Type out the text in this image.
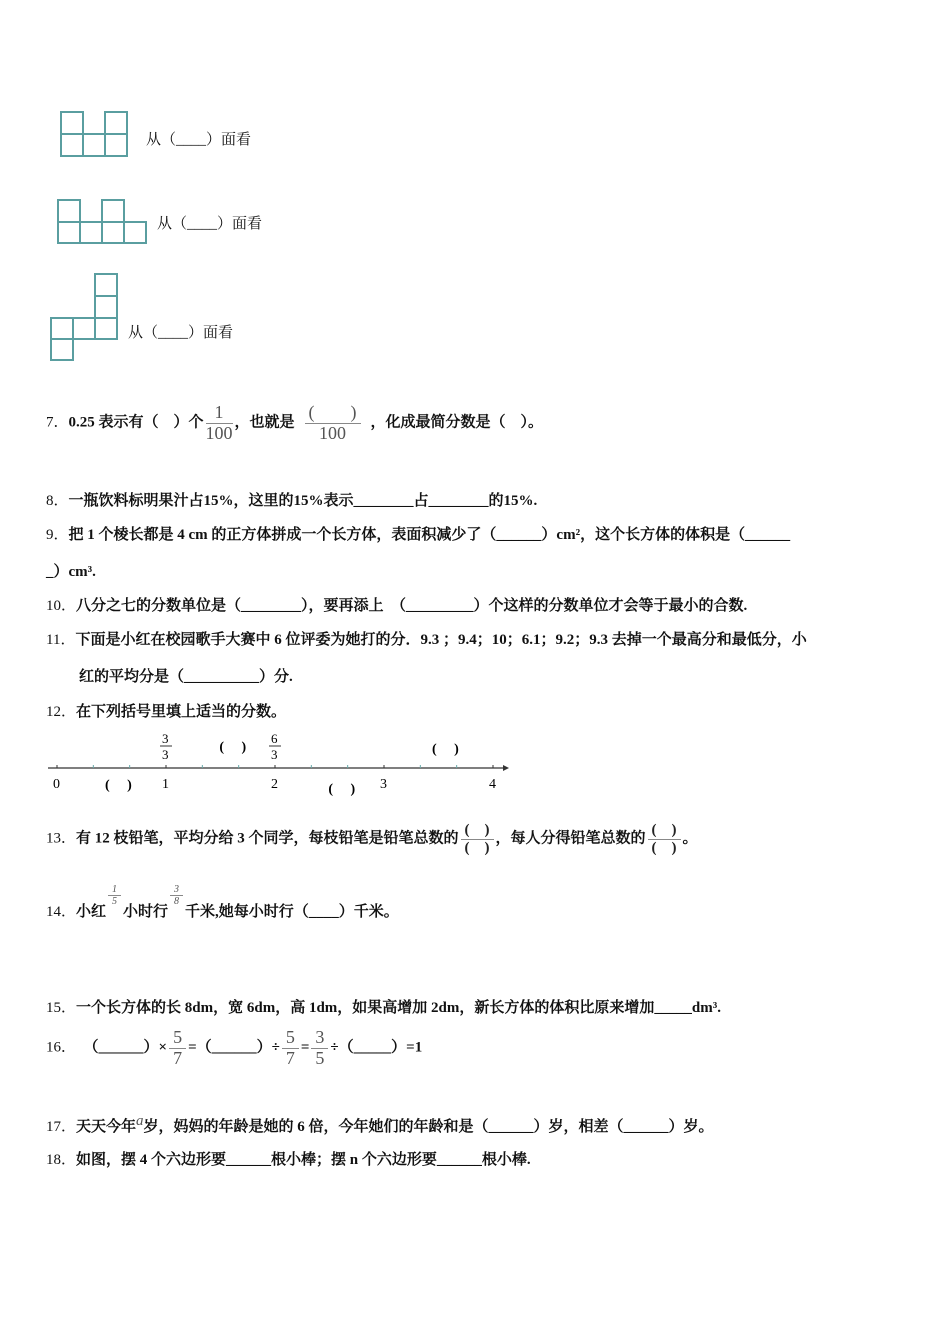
从（____）面看
从（____）面看
从（____）面看
7．0.25 表示有（　）个 $\frac{1}{100}$ ，也就是 $\frac{( )}{100}$ ，化成最简分数是（　）。
8．一瓶饮料标明果汁占15%，这里的15%表示________占________的15%.
9．把 1 个棱长都是 4 cm 的正方体拼成一个长方体，表面积减少了（______）cm²，这个长方体的体积是（______
_）cm³.
10．八分之七的分数单位是（________），要再添上　（_________）个这样的分数单位才会等于最小的合数.
11．下面是小红在校园歌手大赛中 6 位评委为她打的分．9.3 ；9.4；10；6.1；9.2；9.3 去掉一个最高分和最低分，小
红的平均分是（__________）分.
12．在下列括号里填上适当的分数。
0	1	2	3	4
3
3
6
3
(　 )
(　 )
(　 )
(　 )
13．有 12 枝铅笔，平均分给 3 个同学，每枝铅笔是铅笔总数的 $\frac{( )}{( )}$ ，每人分得铅笔总数的 $\frac{( )}{( )}$ 。
14．小红
$\frac{1}{5}$
小时行
$\frac{3}{8}$
千米,她每小时行（____）千米。
15．一个长方体的长 8dm，宽 6dm，高 1dm，如果高增加 2dm，新长方体的体积比原来增加_____dm³.
16． （______）× $\frac{5}{7}$ =（______）÷ $\frac{5}{7} = \frac{3}{5}$ ÷（_____）=1
17．天天今年a岁，妈妈的年龄是她的 6 倍，今年她们的年龄和是（______）岁，相差（______）岁。
18．如图，摆 4 个六边形要______根小棒；摆 n 个六边形要______根小棒.
